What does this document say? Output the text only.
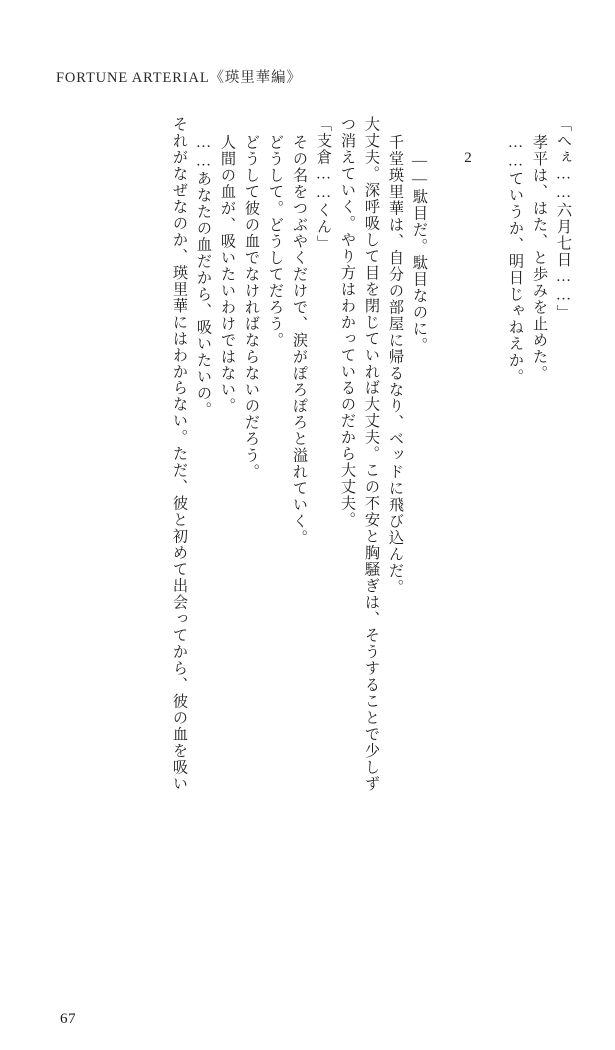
FORTUNE ARTERIAL《瑛里華編》
「へぇ……六月七日……」
孝平は、はた、と歩みを止めた。
……ていうか、明日じゃねえか。
2
――駄目だ。駄目なのに。
千堂瑛里華は、自分の部屋に帰るなり、ベッドに飛び込んだ。
大丈夫。深呼吸して目を閉じていれば大丈夫。この不安と胸騒ぎは、そうすることで少しず
つ消えていく。やり方はわかっているのだから大丈夫。
「支倉……くん」
その名をつぶやくだけで、涙がぽろぽろと溢れていく。
どうして。どうしてだろう。
どうして彼の血でなければならないのだろう。
人間の血が、吸いたいわけではない。
……あなたの血だから、吸いたいの。
それがなぜなのか、瑛里華にはわからない。ただ、彼と初めて出会ってから、彼の血を吸い
67
